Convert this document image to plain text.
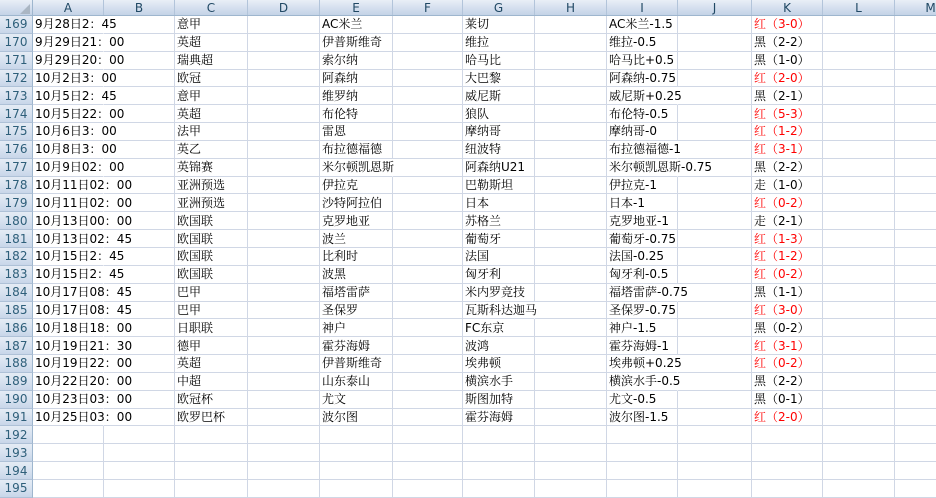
A	B	C	D	E	F	G	H	I	J	K	L	M
169 9月28日2：45	意甲	AC米兰	莱切	AC米兰-1.5	红（3-0）
170 9月29日21：00	英超	伊普斯维奇	维拉	维拉-0.5	黑（2-2）
171 9月29日20：00	瑞典超	索尔纳	哈马比	哈马比+0.5	黑（1-0）
172 10月2日3：00	欧冠	阿森纳	大巴黎	阿森纳-0.75	红（2-0）
173 10月5日2：45	意甲	维罗纳	威尼斯	威尼斯+0.25	黑（2-1）
174 10月5日22：00	英超	布伦特	狼队	布伦特-0.5	红（5-3）
175 10月6日3：00	法甲	雷恩	摩纳哥	摩纳哥-0	红（1-2）
176 10月8日3：00	英乙	布拉德福德	纽波特	布拉德福德-1	红（3-1）
177 10月9日02：00	英锦赛	米尔顿凯恩斯	阿森纳U21	米尔顿凯恩斯-0.75	黑（2-2）
178 10月11日02：00	亚洲预选	伊拉克	巴勒斯坦	伊拉克-1	走（1-0）
179 10月11日02：00	亚洲预选	沙特阿拉伯	日本	日本-1	红（0-2）
180 10月13日00：00	欧国联	克罗地亚	苏格兰	克罗地亚-1	走（2-1）
181 10月13日02：45	欧国联	波兰	葡萄牙	葡萄牙-0.75	红（1-3）
182 10月15日2：45	欧国联	比利时	法国	法国-0.25	红（1-2）
183 10月15日2：45	欧国联	波黑	匈牙利	匈牙利-0.5	红（0-2）
184 10月17日08：45	巴甲	福塔雷萨	米内罗竞技	福塔雷萨-0.75	黑（1-1）
185 10月17日08：45	巴甲	圣保罗	瓦斯科达迦马	圣保罗-0.75	红（3-0）
186 10月18日18：00	日职联	神户	FC东京	神户-1.5	黑（0-2）
187 10月19日21：30	德甲	霍芬海姆	波鸿	霍芬海姆-1	红（3-1）
188 10月19日22：00	英超	伊普斯维奇	埃弗顿	埃弗顿+0.25	红（0-2）
189 10月22日20：00	中超	山东泰山	横滨水手	横滨水手-0.5	黑（2-2）
190 10月23日03：00	欧冠杯	尤文	斯图加特	尤文-0.5	黑（0-1）
191 10月25日03：00	欧罗巴杯	波尔图	霍芬海姆	波尔图-1.5	红（2-0）
192
193
194
195
